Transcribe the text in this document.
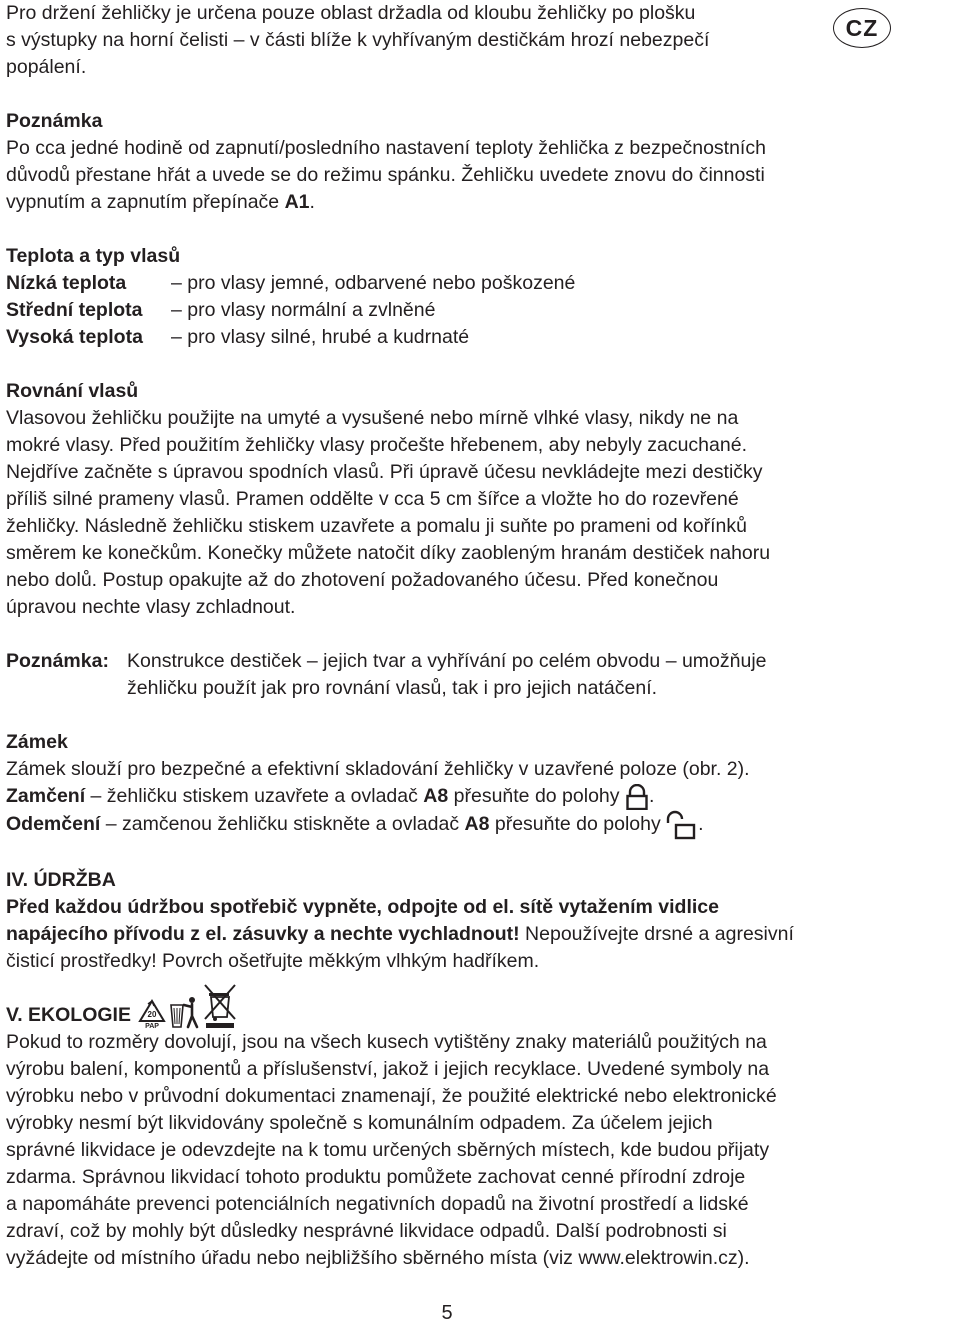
CZ

Pro držení žehličky je určena pouze oblast držadla od kloubu žehličky po plošku

s výstupky na horní čelisti – v části blíže k vyhřívaným destičkám hrozí nebezpečí

popálení.

Poznámka

Po cca jedné hodině od zapnutí/posledního nastavení teploty žehlička z bezpečnostních

důvodů přestane hřát a uvede se do režimu spánku. Žehličku uvedete znovu do činnosti

vypnutím a zapnutím přepínače A1.

Teplota a typ vlasů

Nízká teplota	– pro vlasy jemné, odbarvené nebo poškozené
Střední teplota	– pro vlasy normální a zvlněné
Vysoká teplota	– pro vlasy silné, hrubé a kudrnaté

Rovnání vlasů

Vlasovou žehličku použijte na umyté a vysušené nebo mírně vlhké vlasy, nikdy ne na

mokré vlasy. Před použitím žehličky vlasy pročešte hřebenem, aby nebyly zacuchané.

Nejdříve začněte s úpravou spodních vlasů. Při úpravě účesu nevkládejte mezi destičky

příliš silné prameny vlasů. Pramen oddělte v cca 5 cm šířce a vložte ho do rozevřené

žehličky. Následně žehličku stiskem uzavřete a pomalu ji suňte po prameni od kořínků

směrem ke konečkům. Konečky můžete natočit díky zaobleným hranám destiček nahoru

nebo dolů. Postup opakujte až do zhotovení požadovaného účesu. Před konečnou

úpravou nechte vlasy zchladnout.

Poznámka: Konstrukce destiček – jejich tvar a vyhřívání po celém obvodu – umožňuje

žehličku použít jak pro rovnání vlasů, tak i pro jejich natáčení.

Zámek

Zámek slouží pro bezpečné a efektivní skladování žehličky v uzavřené poloze (obr. 2).

Zamčení – žehličku stiskem uzavřete a ovladač A8 přesuňte do polohy .

Odemčení – zamčenou žehličku stiskněte a ovladač A8 přesuňte do polohy .

IV. ÚDRŽBA

Před každou údržbou spotřebič vypněte, odpojte od el. sítě vytažením vidlice

napájecího přívodu z el. zásuvky a nechte vychladnout! Nepoužívejte drsné a agresivní

čisticí prostředky! Povrch ošetřujte měkkým vlhkým hadříkem.

V. EKOLOGIE 20
PAP

Pokud to rozměry dovolují, jsou na všech kusech vytištěny znaky materiálů použitých na

výrobu balení, komponentů a příslušenství, jakož i jejich recyklace. Uvedené symboly na

výrobku nebo v průvodní dokumentaci znamenají, že použité elektrické nebo elektronické

výrobky nesmí být likvidovány společně s komunálním odpadem. Za účelem jejich

správné likvidace je odevzdejte na k tomu určených sběrných místech, kde budou přijaty

zdarma. Správnou likvidací tohoto produktu pomůžete zachovat cenné přírodní zdroje

a napomáháte prevenci potenciálních negativních dopadů na životní prostředí a lidské

zdraví, což by mohly být důsledky nesprávné likvidace odpadů. Další podrobnosti si

vyžádejte od místního úřadu nebo nejbližšího sběrného místa (viz www.elektrowin.cz).

5
